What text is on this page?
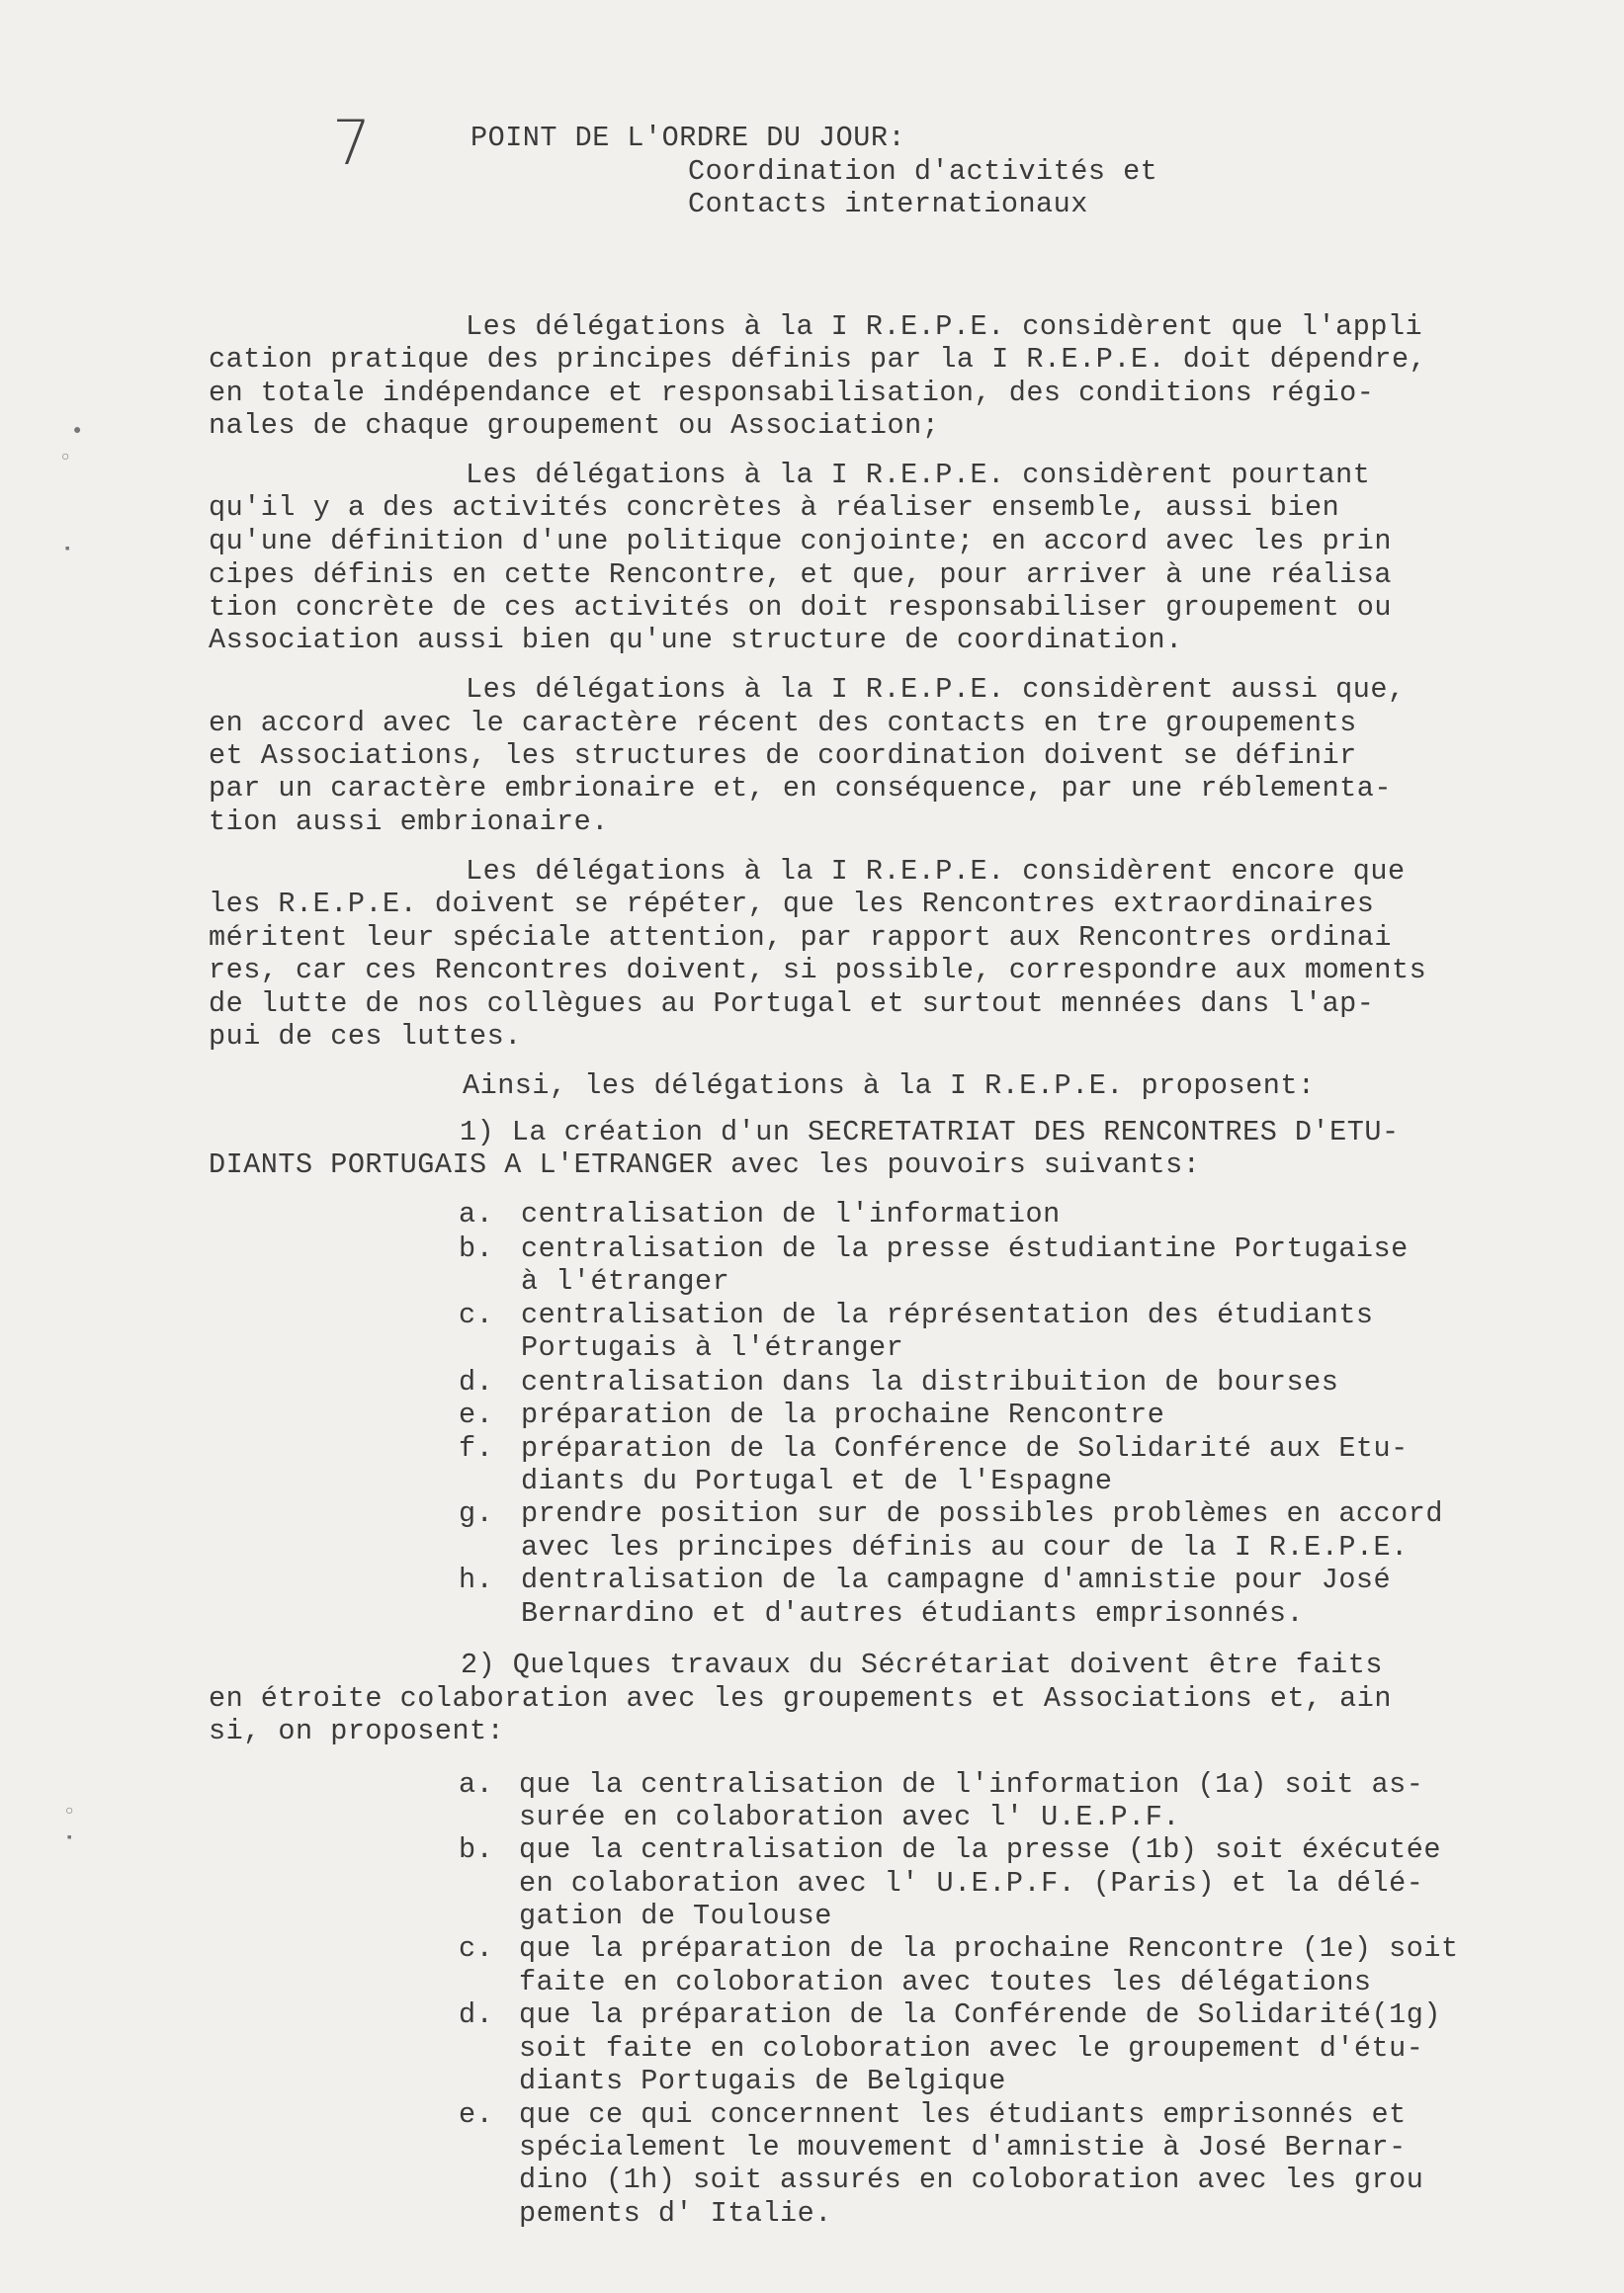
7	POINT DE L'ORDRE DU JOUR:
Coordination d'activités et
Contacts internationaux
Les délégations à la I R.E.P.E. considèrent que l'appli
cation pratique des principes définis par la I R.E.P.E. doit dépendre,
en totale indépendance et responsabilisation, des conditions régio-
nales de chaque groupement ou Association;
Les délégations à la I R.E.P.E. considèrent pourtant
qu'il y a des activités concrètes à réaliser ensemble, aussi bien
qu'une définition d'une politique conjointe; en accord avec les prin
cipes définis en cette Rencontre, et que, pour arriver à une réalisa
tion concrète de ces activités on doit responsabiliser groupement ou
Association aussi bien qu'une structure de coordination.
Les délégations à la I R.E.P.E. considèrent aussi que,
en accord avec le caractère récent des contacts en tre groupements
et Associations, les structures de coordination doivent se définir
par un caractère embrionaire et, en conséquence, par une réblementa-
tion aussi embrionaire.
Les délégations à la I R.E.P.E. considèrent encore que
les R.E.P.E. doivent se répéter, que les Rencontres extraordinaires
méritent leur spéciale attention, par rapport aux Rencontres ordinai
res, car ces Rencontres doivent, si possible, correspondre aux moments
de lutte de nos collègues au Portugal et surtout mennées dans l'ap-
pui de ces luttes.
Ainsi, les délégations à la I R.E.P.E. proposent:
1) La création d'un SECRETATRIAT DES RENCONTRES D'ETU-
DIANTS PORTUGAIS A L'ETRANGER avec les pouvoirs suivants:
a. centralisation de l'information
b. centralisation de la presse éstudiantine Portugaise
à l'étranger
c. centralisation de la réprésentation des étudiants
Portugais à l'étranger
d. centralisation dans la distribuition de bourses
e. préparation de la prochaine Rencontre
f. préparation de la Conférence de Solidarité aux Etu-
diants du Portugal et de l'Espagne
g. prendre position sur de possibles problèmes en accord
avec les principes définis au cour de la I R.E.P.E.
h. dentralisation de la campagne d'amnistie pour José
Bernardino et d'autres étudiants emprisonnés.
2) Quelques travaux du Sécrétariat doivent être faits
en étroite colaboration avec les groupements et Associations et, ain
si, on proposent:
a. que la centralisation de l'information (1a) soit as-
surée en colaboration avec l' U.E.P.F.
b. que la centralisation de la presse (1b) soit éxécutée
en colaboration avec l' U.E.P.F. (Paris) et la délé-
gation de Toulouse
c. que la préparation de la prochaine Rencontre (1e) soit
faite en coloboration avec toutes les délégations
d. que la préparation de la Conférende de Solidarité(1g)
soit faite en coloboration avec le groupement d'étu-
diants Portugais de Belgique
e. que ce qui concernnent les étudiants emprisonnés et
spécialement le mouvement d'amnistie à José Bernar-
dino (1h) soit assurés en coloboration avec les grou
pements d' Italie.
●
○
▪
○
▪
